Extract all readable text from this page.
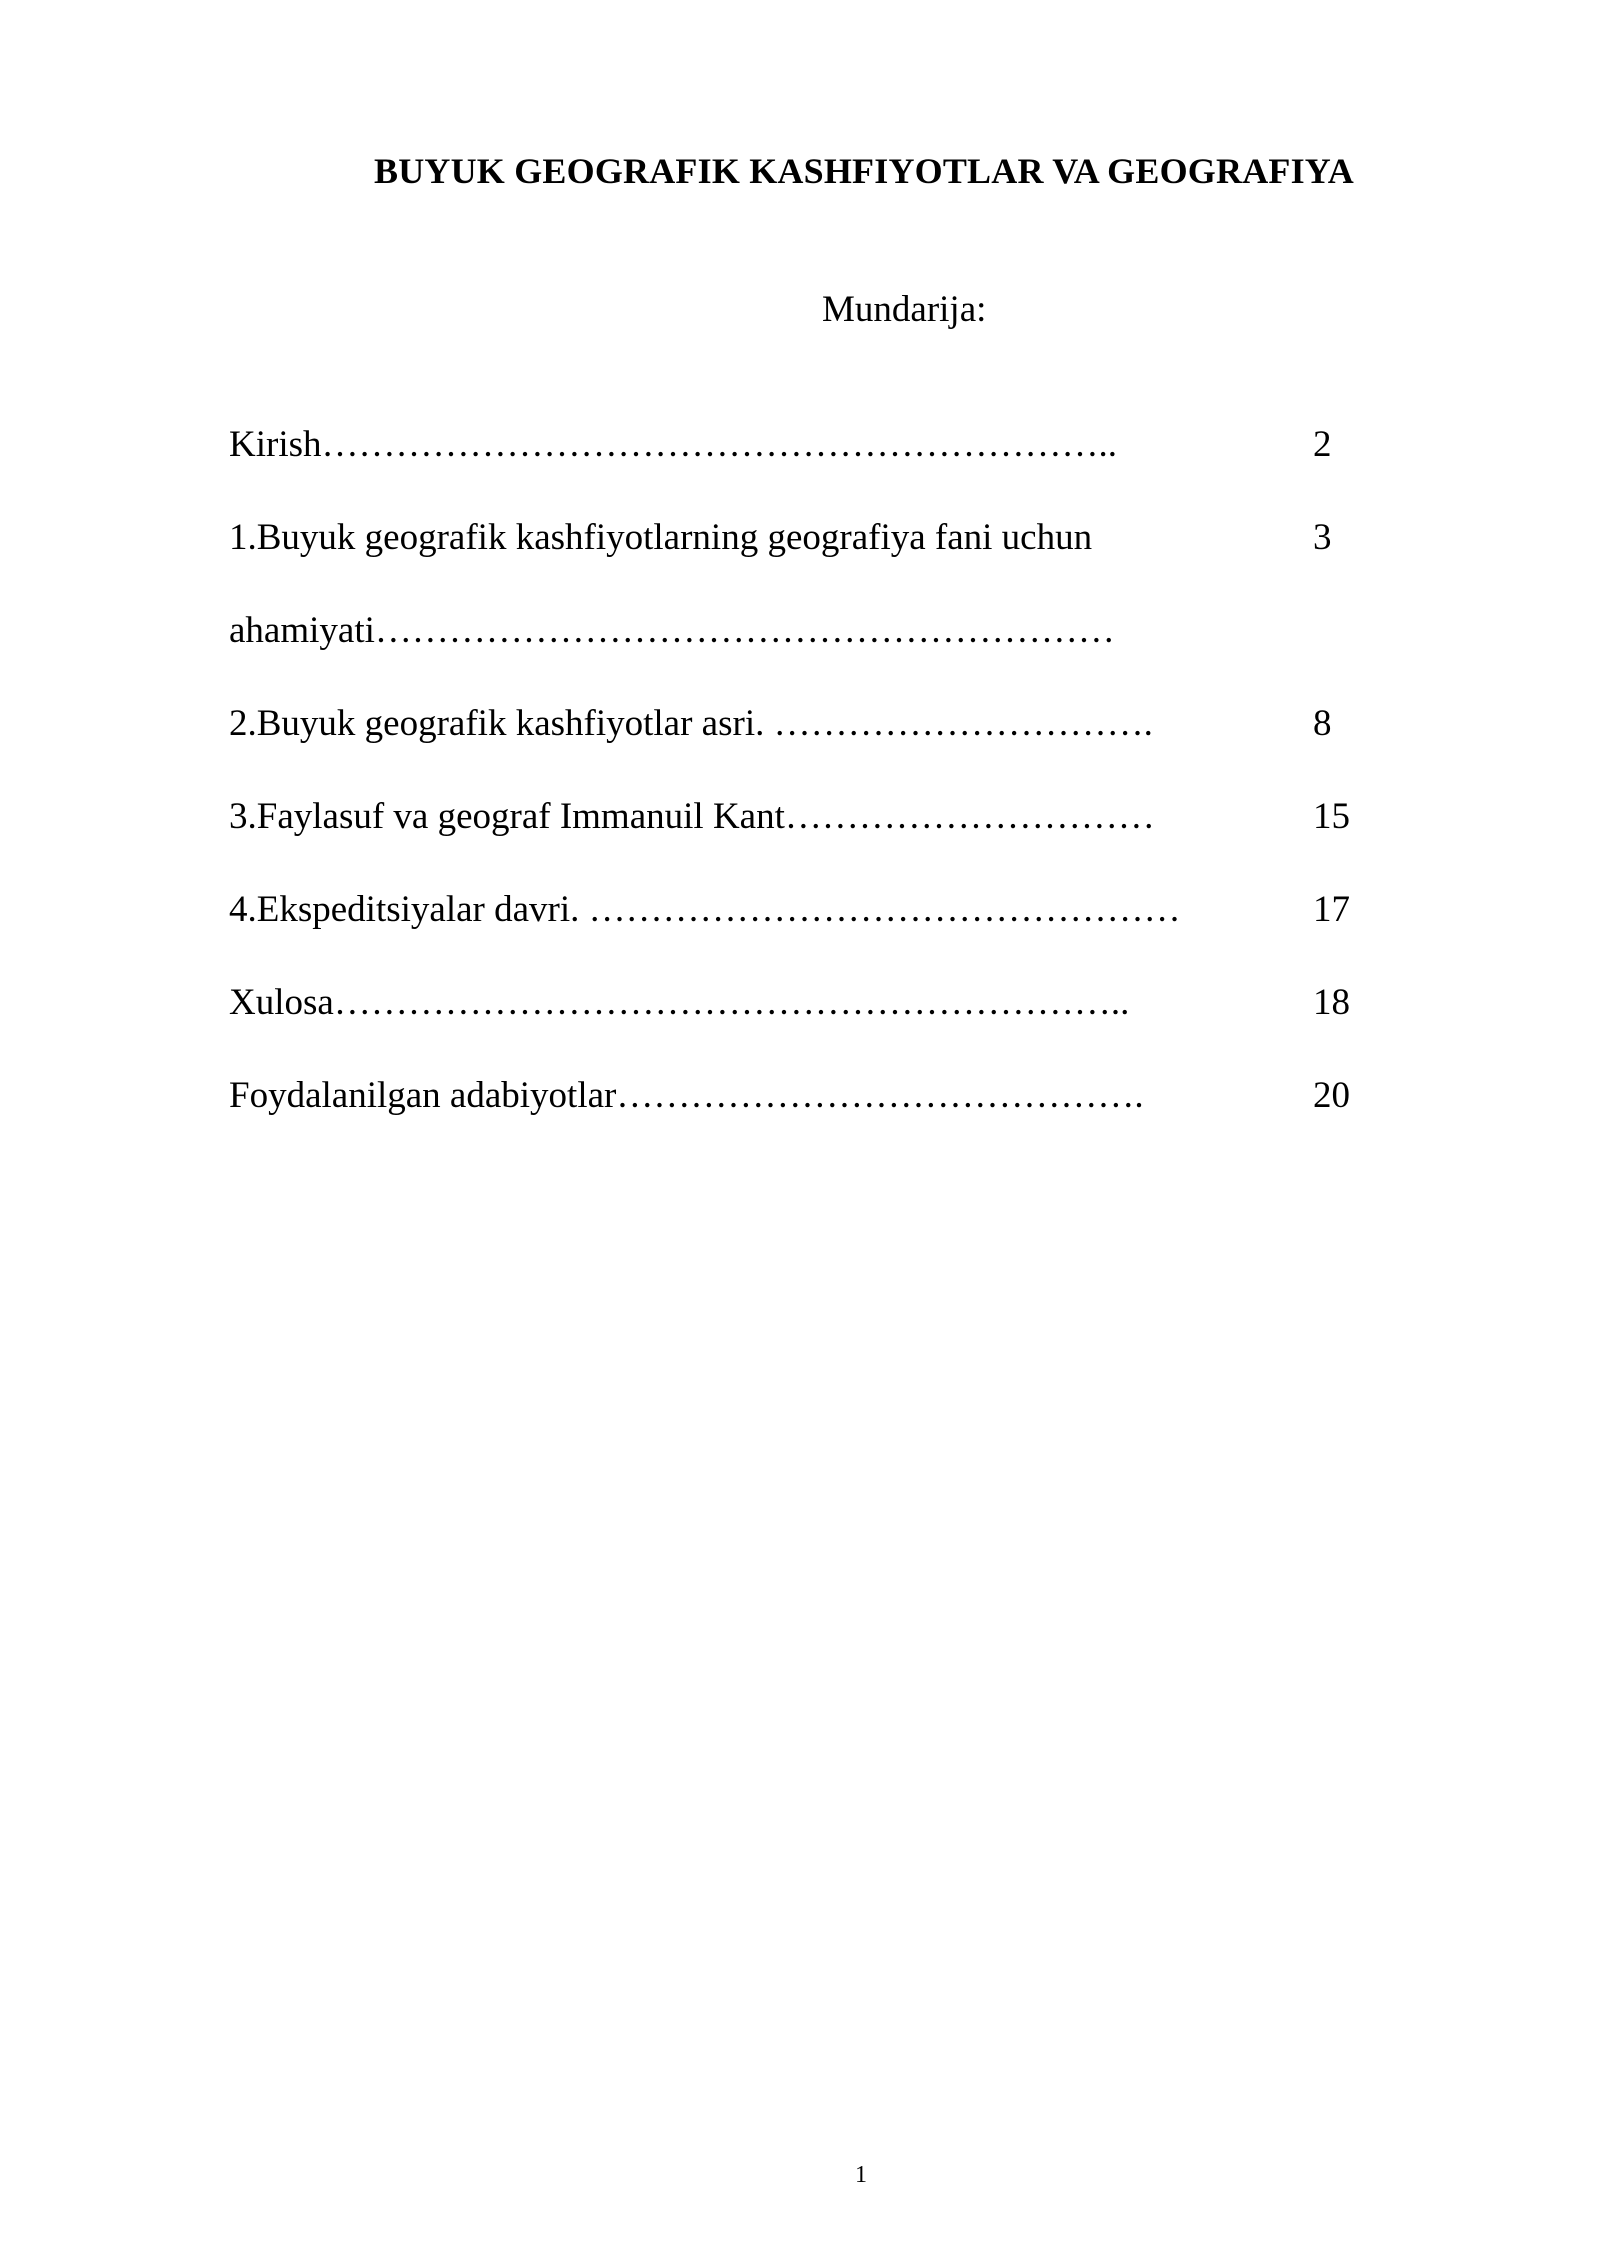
BUYUK GEOGRAFIK KASHFIYOTLAR VA GEOGRAFIYA
Mundarija:
Kirish………………………………………………………..	2
1.Buyuk geografik kashfiyotlarning geografiya fani uchun	3
ahamiyati……………………………………………………
2.Buyuk geografik kashfiyotlar asri. ………………………….	8
3.Faylasuf va geograf Immanuil Kant…………………………	15
4.Ekspeditsiyalar davri. …………………………………………	17
Xulosa………………………………………………………..	18
Foydalanilgan adabiyotlar…………………………………….	20
1
